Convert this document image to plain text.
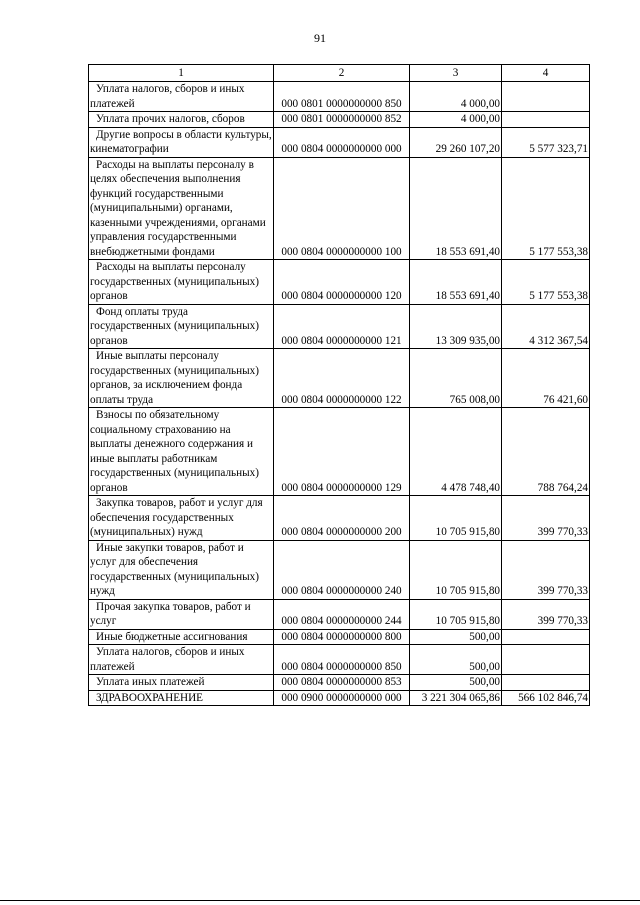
91
1	2	3	4

Уплата налогов, сборов и иных платежей	000 0801 0000000000 850	4 000,00	

Уплата прочих налогов, сборов	000 0801 0000000000 852	4 000,00	

Другие вопросы в области культуры, кинематографии	000 0804 0000000000 000	29 260 107,20	5 577 323,71

Расходы на выплаты персоналу в целях обеспечения выполнения функций государственными (муниципальными) органами, казенными учреждениями, органами управления государственными внебюджетными фондами	000 0804 0000000000 100	18 553 691,40	5 177 553,38

Расходы на выплаты персоналу государственных (муниципальных) органов	000 0804 0000000000 120	18 553 691,40	5 177 553,38

Фонд оплаты труда государственных (муниципальных) органов	000 0804 0000000000 121	13 309 935,00	4 312 367,54

Иные выплаты персоналу государственных (муниципальных) органов, за исключением фонда оплаты труда	000 0804 0000000000 122	765 008,00	76 421,60

Взносы по обязательному социальному страхованию на выплаты денежного содержания и иные выплаты работникам государственных (муниципальных) органов	000 0804 0000000000 129	4 478 748,40	788 764,24

Закупка товаров, работ и услуг для обеспечения государственных (муниципальных) нужд	000 0804 0000000000 200	10 705 915,80	399 770,33

Иные закупки товаров, работ и услуг для обеспечения государственных (муниципальных) нужд	000 0804 0000000000 240	10 705 915,80	399 770,33

Прочая закупка товаров, работ и услуг	000 0804 0000000000 244	10 705 915,80	399 770,33

Иные бюджетные ассигнования	000 0804 0000000000 800	500,00	

Уплата налогов, сборов и иных платежей	000 0804 0000000000 850	500,00	

Уплата иных платежей	000 0804 0000000000 853	500,00	

ЗДРАВООХРАНЕНИЕ	000 0900 0000000000 000	3 221 304 065,86	566 102 846,74
